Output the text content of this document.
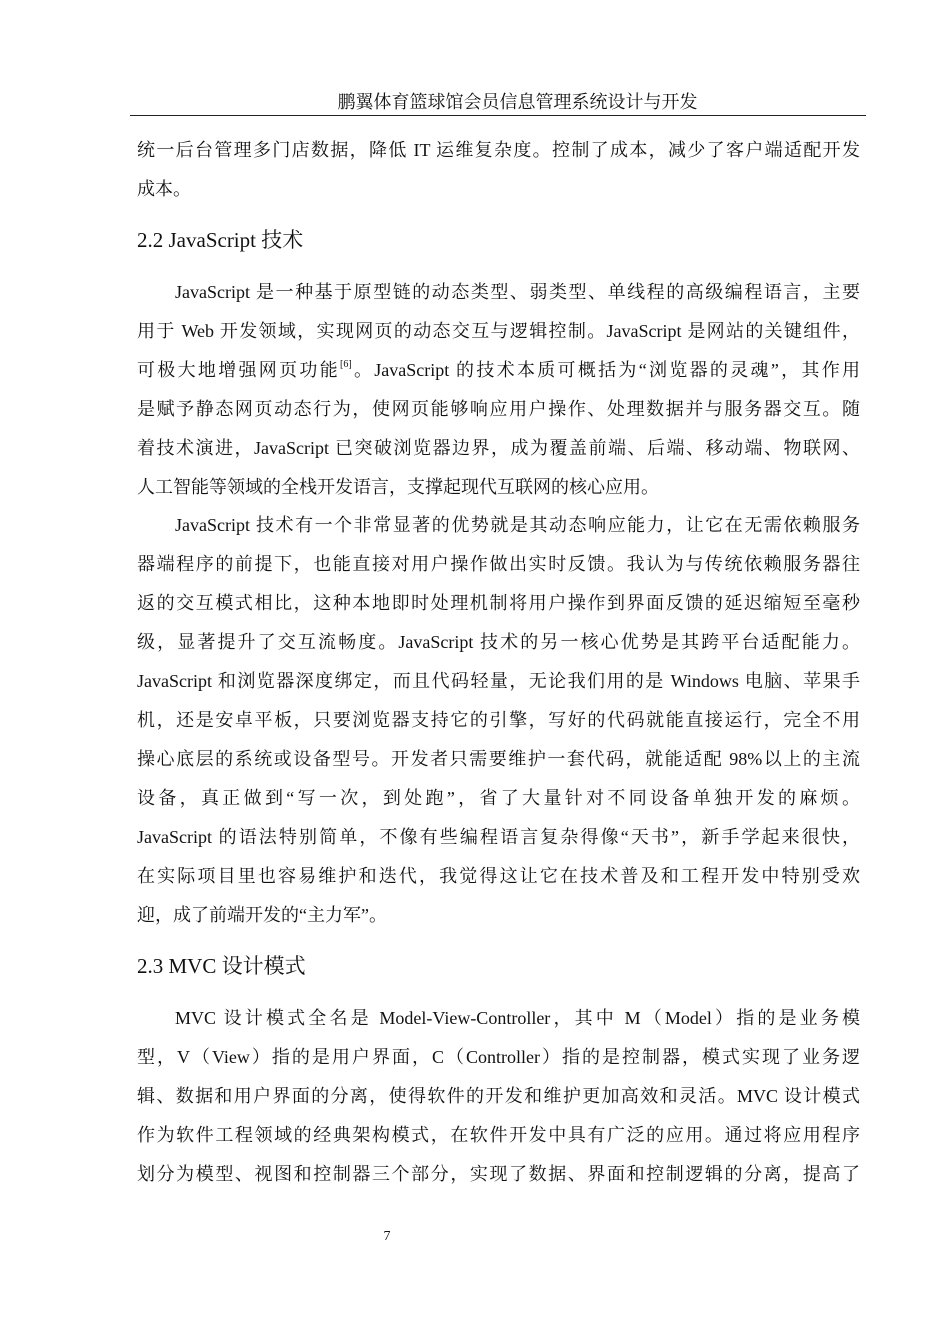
鹏翼体育篮球馆会员信息管理系统设计与开发
统一后台管理多门店数据，降低 IT 运维复杂度。控制了成本，减少了客户端适配开发
成本。
2.2 JavaScript 技术
JavaScript 是一种基于原型链的动态类型、弱类型、单线程的高级编程语言，主要
用于 Web 开发领域，实现网页的动态交互与逻辑控制。JavaScript 是网站的关键组件，
可极大地增强网页功能[6]。JavaScript 的技术本质可概括为“浏览器的灵魂”，其作用
是赋予静态网页动态行为，使网页能够响应用户操作、处理数据并与服务器交互。随
着技术演进，JavaScript 已突破浏览器边界，成为覆盖前端、后端、移动端、物联网、
人工智能等领域的全栈开发语言，支撑起现代互联网的核心应用。
JavaScript 技术有一个非常显著的优势就是其动态响应能力，让它在无需依赖服务
器端程序的前提下，也能直接对用户操作做出实时反馈。我认为与传统依赖服务器往
返的交互模式相比，这种本地即时处理机制将用户操作到界面反馈的延迟缩短至毫秒
级，显著提升了交互流畅度。JavaScript 技术的另一核心优势是其跨平台适配能力。
JavaScript 和浏览器深度绑定，而且代码轻量，无论我们用的是 Windows 电脑、苹果手
机，还是安卓平板，只要浏览器支持它的引擎，写好的代码就能直接运行，完全不用
操心底层的系统或设备型号。开发者只需要维护一套代码，就能适配 98%以上的主流
设备，真正做到“写一次，到处跑”，省了大量针对不同设备单独开发的麻烦。
JavaScript 的语法特别简单，不像有些编程语言复杂得像“天书”，新手学起来很快，
在实际项目里也容易维护和迭代，我觉得这让它在技术普及和工程开发中特别受欢
迎，成了前端开发的“主力军”。
2.3 MVC 设计模式
MVC 设计模式全名是 Model-View-Controller，其中 M（Model）指的是业务模
型，V（View）指的是用户界面，C（Controller）指的是控制器，模式实现了业务逻
辑、数据和用户界面的分离，使得软件的开发和维护更加高效和灵活。MVC 设计模式
作为软件工程领域的经典架构模式，在软件开发中具有广泛的应用。通过将应用程序
划分为模型、视图和控制器三个部分，实现了数据、界面和控制逻辑的分离，提高了
7
